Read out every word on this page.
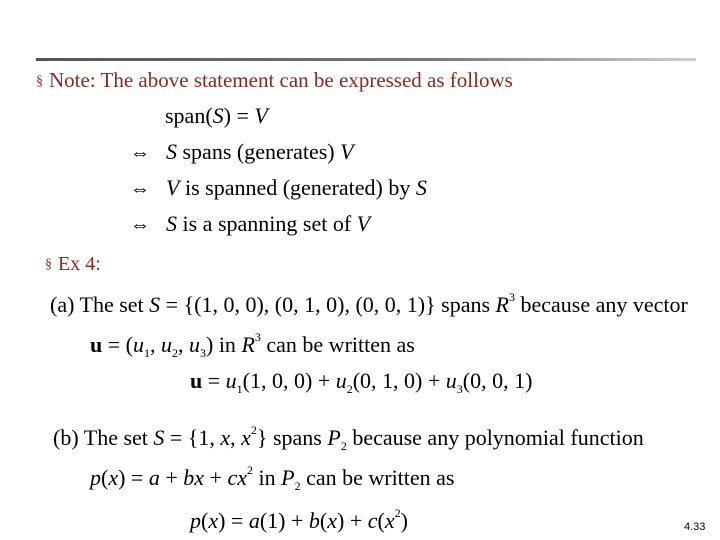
§ Note: The above statement can be expressed as follows
span(S) = V
⇔ S spans (generates) V
⇔ V is spanned (generated) by S
⇔ S is a spanning set of V
§ Ex 4:
(a) The set S = {(1, 0, 0), (0, 1, 0), (0, 0, 1)} spans $R^3$ because any vector
$u = (u_1$, $u_2$, $u_3$) in $R^3$ can be written as
$u = u_1(1$, 0, $0) + u_2(0$, 1, $0) + u_3(0$, 0, 1)
(b) The set S = {1, x, $x^2$} spans $P_2$ because any polynomial function
p(x) = a + bx + $cx^2$ in $P_2$ can be written as
$p(x) = a(1) + b(x) + c(x^2)$	4.33
